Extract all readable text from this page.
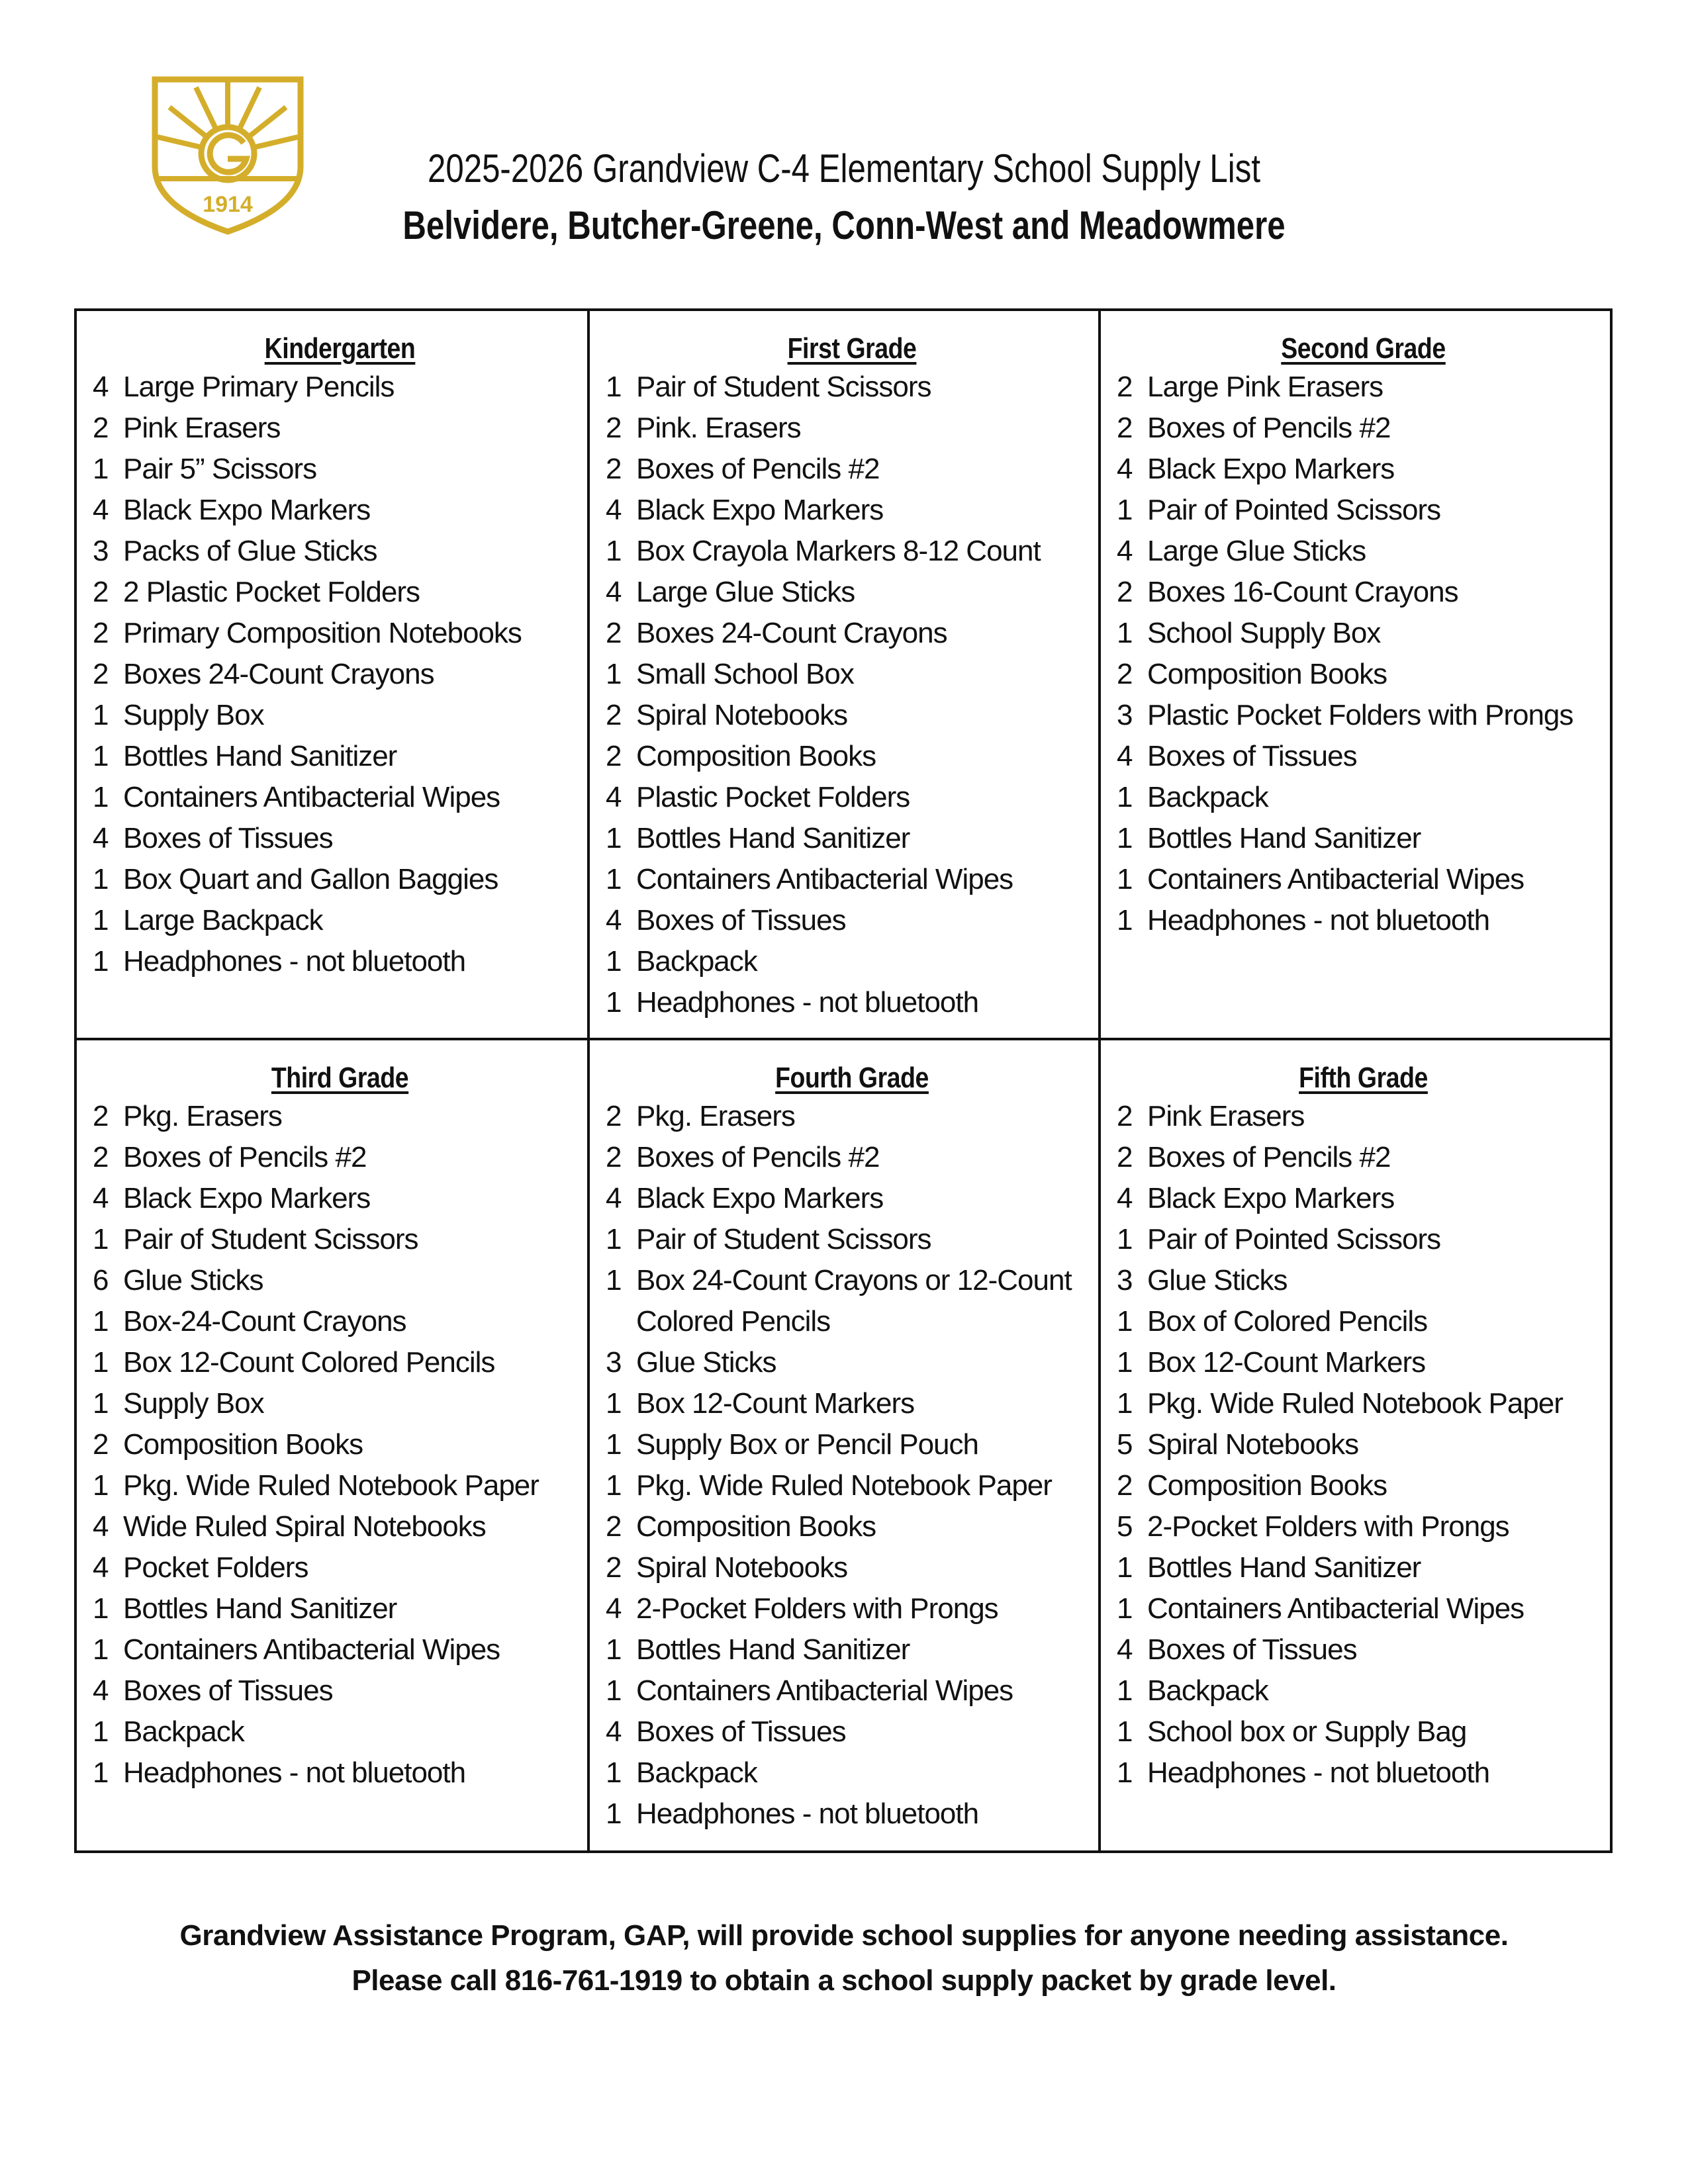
1914
2025-2026 Grandview C-4 Elementary School Supply List
Belvidere, Butcher-Greene, Conn-West and Meadowmere
Kindergarten
4 Large Primary Pencils
2 Pink Erasers
1 Pair 5” Scissors
4 Black Expo Markers
3 Packs of Glue Sticks
2 2 Plastic Pocket Folders
2 Primary Composition Notebooks
2 Boxes 24-Count Crayons
1 Supply Box
1 Bottles Hand Sanitizer
1 Containers Antibacterial Wipes
4 Boxes of Tissues
1 Box Quart and Gallon Baggies
1 Large Backpack
1 Headphones - not bluetooth
First Grade
1 Pair of Student Scissors
2 Pink. Erasers
2 Boxes of Pencils #2
4 Black Expo Markers
1 Box Crayola Markers 8-12 Count
4 Large Glue Sticks
2 Boxes 24-Count Crayons
1 Small School Box
2 Spiral Notebooks
2 Composition Books
4 Plastic Pocket Folders
1 Bottles Hand Sanitizer
1 Containers Antibacterial Wipes
4 Boxes of Tissues
1 Backpack
1 Headphones - not bluetooth
Second Grade
2 Large Pink Erasers
2 Boxes of Pencils #2
4 Black Expo Markers
1 Pair of Pointed Scissors
4 Large Glue Sticks
2 Boxes 16-Count Crayons
1 School Supply Box
2 Composition Books
3 Plastic Pocket Folders with Prongs
4 Boxes of Tissues
1 Backpack
1 Bottles Hand Sanitizer
1 Containers Antibacterial Wipes
1 Headphones - not bluetooth
Third Grade
2 Pkg. Erasers
2 Boxes of Pencils #2
4 Black Expo Markers
1 Pair of Student Scissors
6 Glue Sticks
1 Box-24-Count Crayons
1 Box 12-Count Colored Pencils
1 Supply Box
2 Composition Books
1 Pkg. Wide Ruled Notebook Paper
4 Wide Ruled Spiral Notebooks
4 Pocket Folders
1 Bottles Hand Sanitizer
1 Containers Antibacterial Wipes
4 Boxes of Tissues
1 Backpack
1 Headphones - not bluetooth
Fourth Grade
2 Pkg. Erasers
2 Boxes of Pencils #2
4 Black Expo Markers
1 Pair of Student Scissors
1 Box 24-Count Crayons or 12-Count Colored Pencils
3 Glue Sticks
1 Box 12-Count Markers
1 Supply Box or Pencil Pouch
1 Pkg. Wide Ruled Notebook Paper
2 Composition Books
2 Spiral Notebooks
4 2-Pocket Folders with Prongs
1 Bottles Hand Sanitizer
1 Containers Antibacterial Wipes
4 Boxes of Tissues
1 Backpack
1 Headphones - not bluetooth
Fifth Grade
2 Pink Erasers
2 Boxes of Pencils #2
4 Black Expo Markers
1 Pair of Pointed Scissors
3 Glue Sticks
1 Box of Colored Pencils
1 Box 12-Count Markers
1 Pkg. Wide Ruled Notebook Paper
5 Spiral Notebooks
2 Composition Books
5 2-Pocket Folders with Prongs
1 Bottles Hand Sanitizer
1 Containers Antibacterial Wipes
4 Boxes of Tissues
1 Backpack
1 School box or Supply Bag
1 Headphones - not bluetooth
Grandview Assistance Program, GAP, will provide school supplies for anyone needing assistance.
Please call 816-761-1919 to obtain a school supply packet by grade level.
